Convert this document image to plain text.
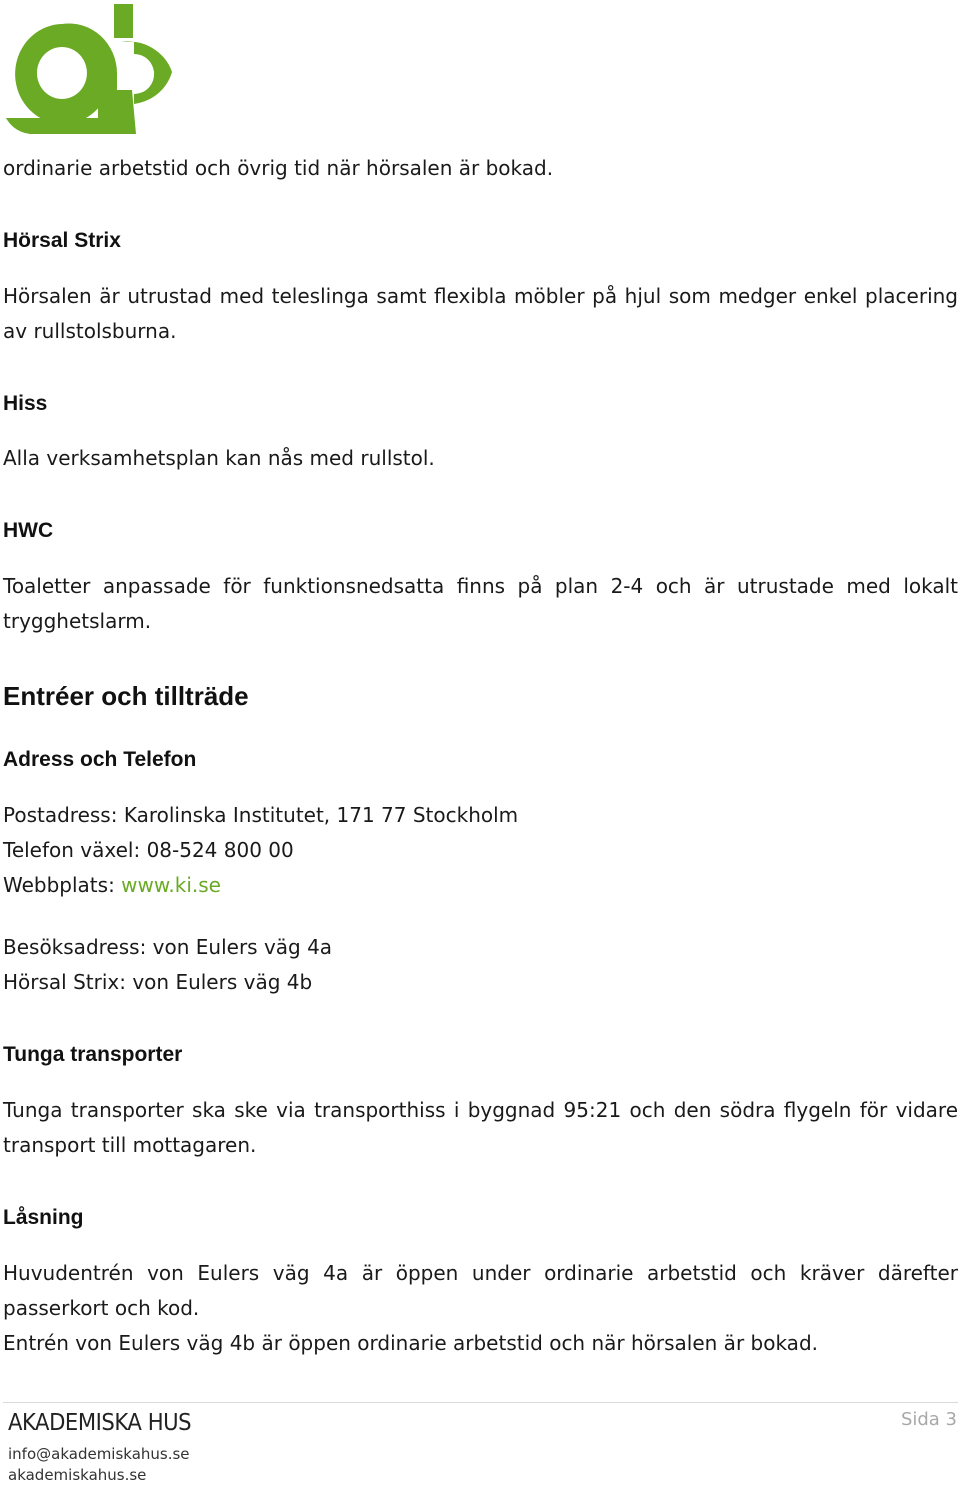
ordinarie arbetstid och övrig tid när hörsalen är bokad.

Hörsal Strix

Hörsalen är utrustad med teleslinga samt flexibla möbler på hjul som medger enkel placering av rullstolsburna.

Hiss

Alla verksamhetsplan kan nås med rullstol.

HWC

Toaletter anpassade för funktionsnedsatta finns på plan 2-4 och är utrustade med lokalt trygghetslarm.

Entréer och tillträde
Adress och Telefon
Postadress: Karolinska Institutet, 171 77 Stockholm
Telefon växel: 08-524 800 00
Webbplats: www.ki.se
Besöksadress: von Eulers väg 4a
Hörsal Strix: von Eulers väg 4b
Tunga transporter

Tunga transporter ska ske via transporthiss i byggnad 95:21 och den södra flygeln för vidare transport till mottagaren.

Låsning

Huvudentrén von Eulers väg 4a är öppen under ordinarie arbetstid och kräver därefter passerkort och kod.

Entrén von Eulers väg 4b är öppen ordinarie arbetstid och när hörsalen är bokad.

AKADEMISKA HUS
info@akademiskahus.se
akademiskahus.se
Sida 3
